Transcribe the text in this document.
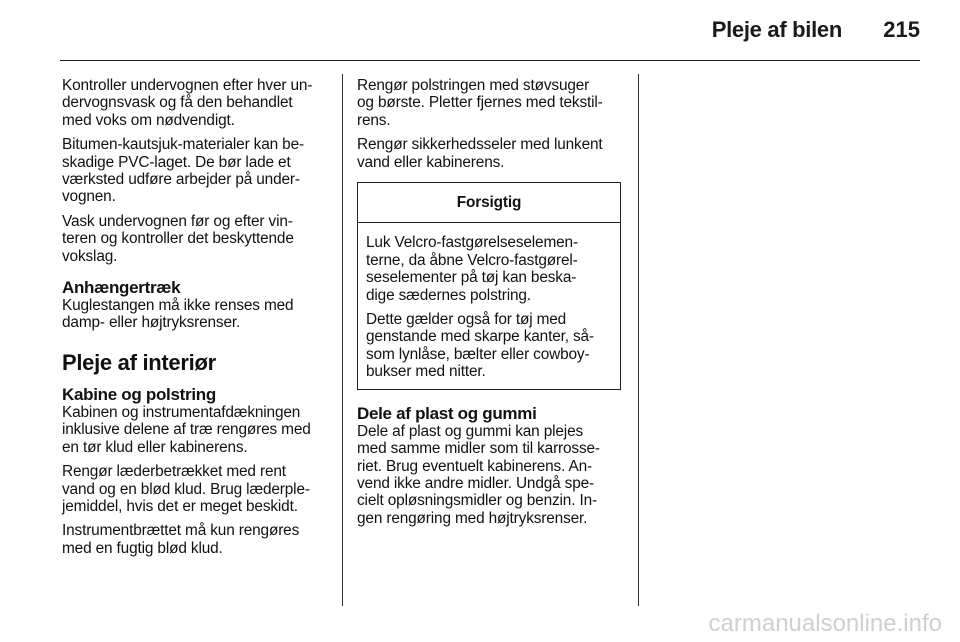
Pleje af bilen 215

Kontroller undervognen efter hver un-
dervognsvask og få den behandlet
med voks om nødvendigt.

Bitumen-kautsjuk-materialer kan be-
skadige PVC-laget. De bør lade et
værksted udføre arbejder på under-
vognen.

Vask undervognen før og efter vin-
teren og kontroller det beskyttende
vokslag.

Anhængertræk

Kuglestangen må ikke renses med
damp- eller højtryksrenser.

Pleje af interiør
Kabine og polstring

Kabinen og instrumentafdækningen
inklusive delene af træ rengøres med
en tør klud eller kabinerens.

Rengør læderbetrækket med rent
vand og en blød klud. Brug læderple-
jemiddel, hvis det er meget beskidt.

Instrumentbrættet må kun rengøres
med en fugtig blød klud.

Rengør polstringen med støvsuger
og børste. Pletter fjernes med tekstil-
rens.

Rengør sikkerhedsseler med lunkent
vand eller kabinerens.

Forsigtig

Luk Velcro-fastgørelseselemen-
terne, da åbne Velcro-fastgørel-
seselementer på tøj kan beska-
dige sædernes polstring.

Dette gælder også for tøj med
genstande med skarpe kanter, så-
som lynlåse, bælter eller cowboy-
bukser med nitter.

Dele af plast og gummi

Dele af plast og gummi kan plejes
med samme midler som til karrosse-
riet. Brug eventuelt kabinerens. An-
vend ikke andre midler. Undgå spe-
cielt opløsningsmidler og benzin. In-
gen rengøring med højtryksrenser.

carmanualsonline.info
